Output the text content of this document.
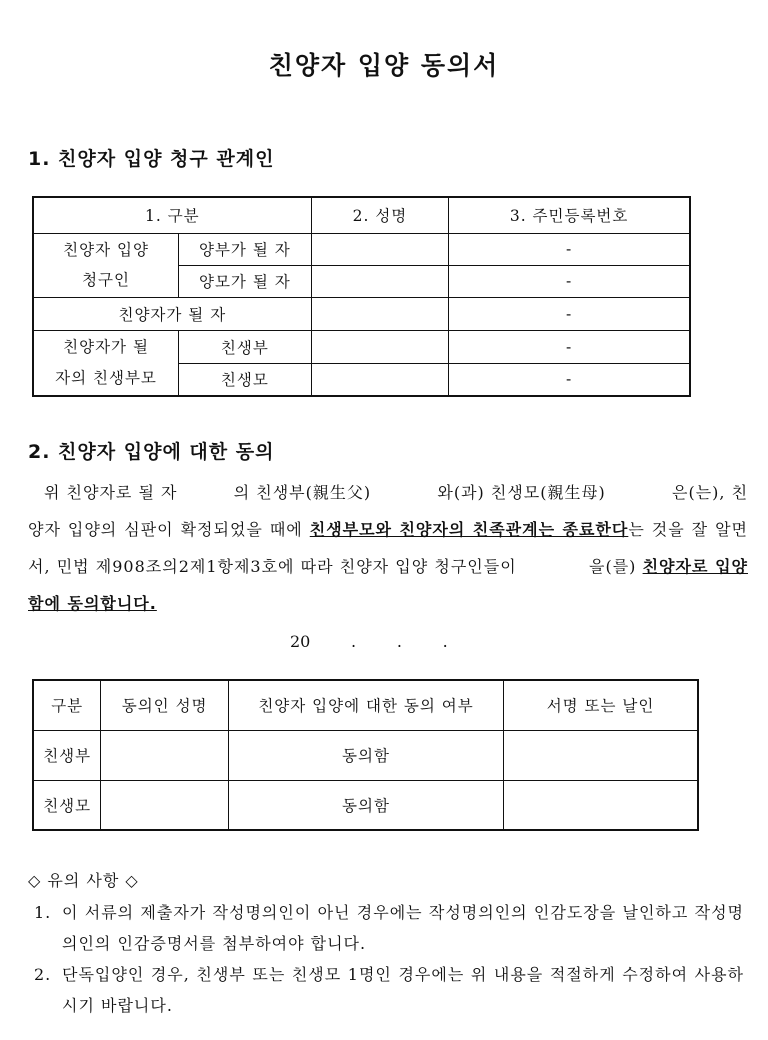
친양자 입양 동의서
1. 친양자 입양 청구 관계인
1. 구분		2. 성명	3. 주민등록번호
친양자 입양
청구인	양부가 될 자		-
	양모가 될 자		-
친양자가 될 자			-
친양자가 될
자의 친생부모	친생부		-
	친생모		-
2. 친양자 입양에 대한 동의
위 친양자로 될 자	의 친생부(親生父)	와(과) 친생모(親生母)	은(는), 친양자 입양의 심판이 확정되었을 때에 친생부모와 친양자의 친족관계는 종료한다는 것을 잘 알면서, 민법 제908조의2제1항제3호에 따라 친양자 입양 청구인들이	을(를) 친양자로 입양함에 동의합니다.
20        .        .        .
구분	동의인 성명	친양자 입양에 대한 동의 여부	서명 또는 날인
친생부		동의함	
친생모		동의함	
◇ 유의 사항 ◇
1. 이 서류의 제출자가 작성명의인이 아닌 경우에는 작성명의인의 인감도장을 날인하고 작성명의인의 인감증명서를 첨부하여야 합니다.
2. 단독입양인 경우, 친생부 또는 친생모 1명인 경우에는 위 내용을 적절하게 수정하여 사용하시기 바랍니다.
